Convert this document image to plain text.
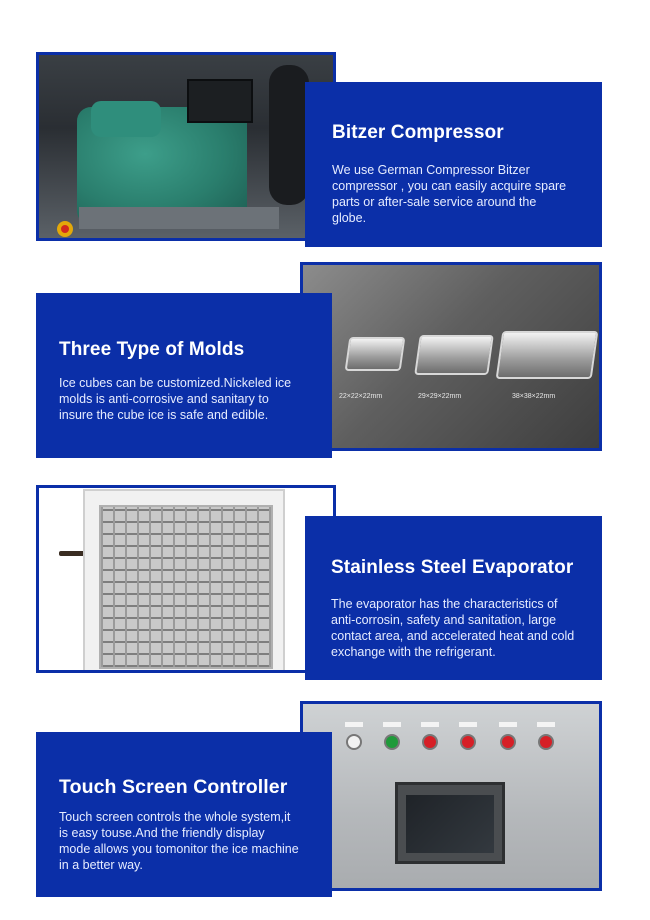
Bitzer Compressor

We use German Compressor Bitzer compressor , you can easily acquire spare parts or after-sale service around the globe.

22×22×22mm	29×29×22mm	38×38×22mm
Three Type of Molds

Ice cubes can be customized.Nickeled ice molds is anti-corrosive and sanitary to insure the cube ice is safe and edible.

Stainless Steel Evaporator

The evaporator has the characteristics of anti-corrosin, safety and sanitation, large contact area, and accelerated heat and cold exchange with the refrigerant.

Touch Screen Controller

Touch screen controls the whole system,it is easy touse.And the friendly display mode allows you tomonitor the ice machine in a better way.
